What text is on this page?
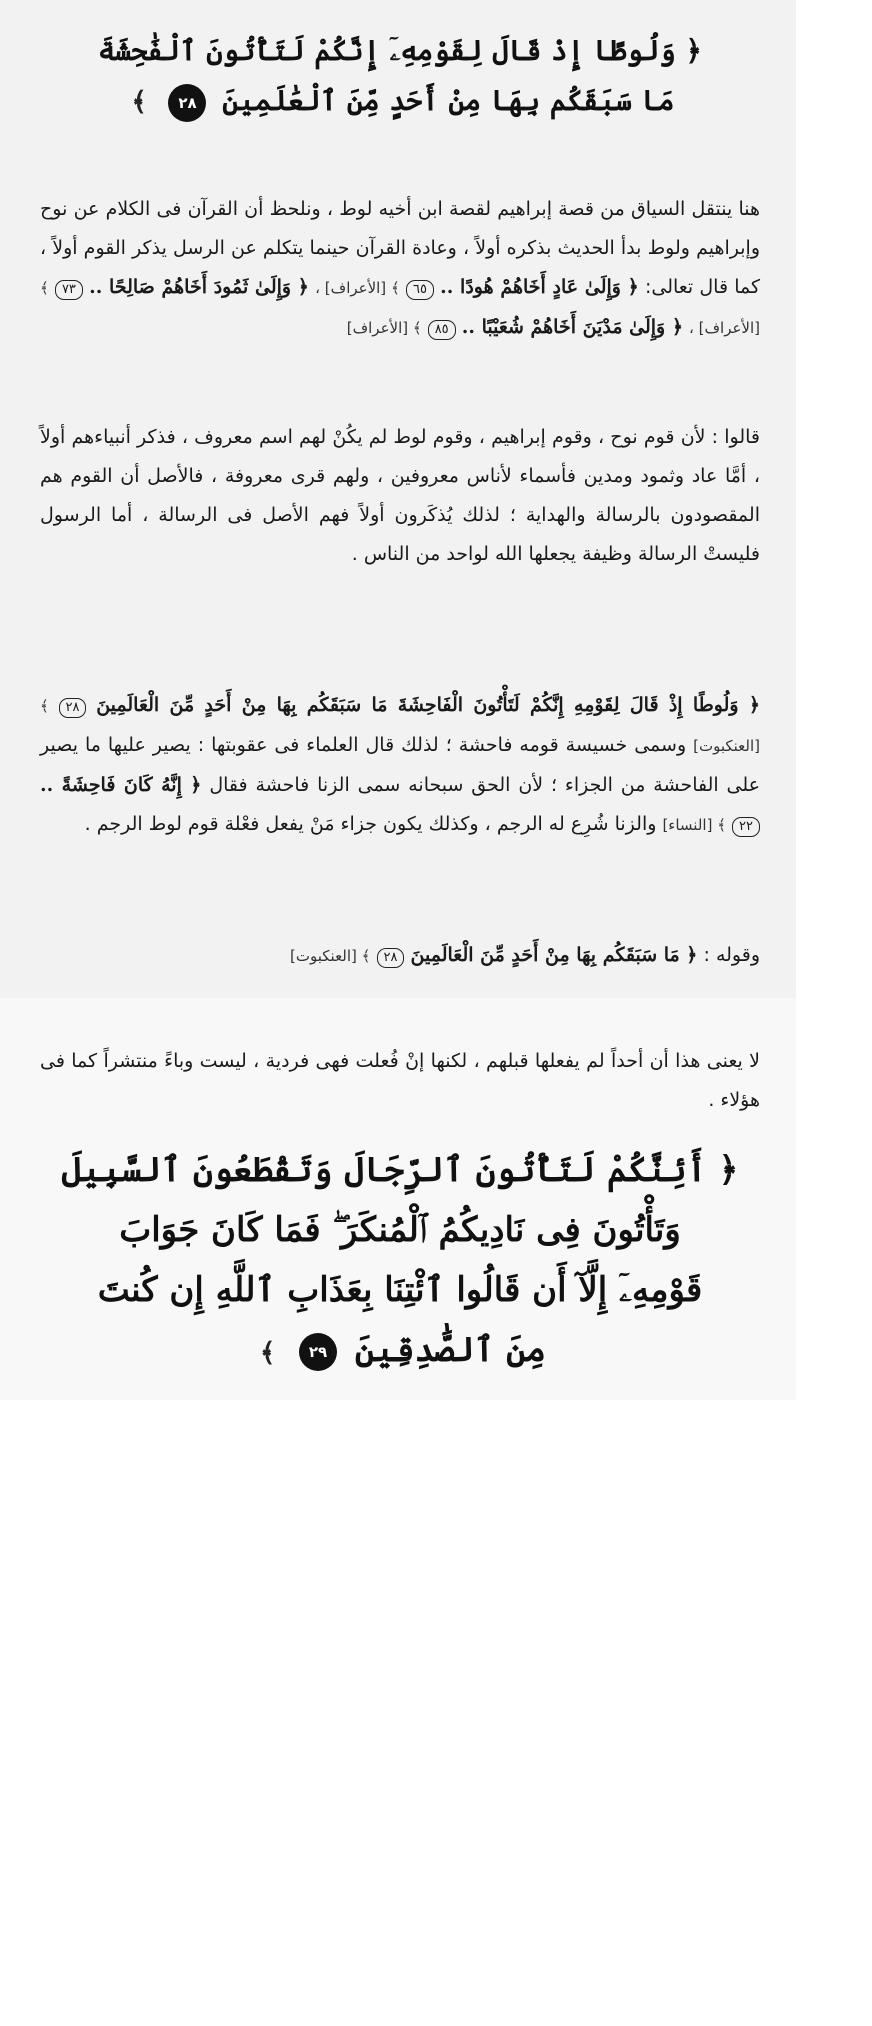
﴿ وَلُوطًا إِذْ قَالَ لِقَوْمِهِۦٓ إِنَّكُمْ لَتَأْتُونَ ٱلْفَٰحِشَةَ
مَا سَبَقَكُم بِهَا مِنْ أَحَدٍ مِّنَ ٱلْعَٰلَمِينَ ٢٨ ﴾
هنا ينتقل السياق من قصة إبراهيم لقصة ابن أخيه لوط ، ونلحظ أن القرآن فى الكلام عن نوح وإبراهيم ولوط بدأ الحديث بذكره أولاً ، وعادة القرآن حينما يتكلم عن الرسل يذكر القوم أولاً ، كما قال تعالى: ﴿ وَإِلَىٰ عَادٍ أَخَاهُمْ هُودًا .. ٦٥ ﴾ [الأعراف] ، ﴿ وَإِلَىٰ ثَمُودَ أَخَاهُمْ صَالِحًا .. ٧٣ ﴾ [الأعراف] ، ﴿ وَإِلَىٰ مَدْيَنَ أَخَاهُمْ شُعَيْبًا .. ٨٥ ﴾ [الأعراف]
قالوا : لأن قوم نوح ، وقوم إبراهيم ، وقوم لوط لم يكُنْ لهم اسم معروف ، فذكر أنبياءهم أولاً ، أمَّا عاد وثمود ومدين فأسماء لأناس معروفين ، ولهم قرى معروفة ، فالأصل أن القوم هم المقصودون بالرسالة والهداية ؛ لذلك يُذكَرون أولاً فهم الأصل فى الرسالة ، أما الرسول فليستْ الرسالة وظيفة يجعلها الله لواحد من الناس .
﴿ وَلُوطًا إِذْ قَالَ لِقَوْمِهِ إِنَّكُمْ لَتَأْتُونَ الْفَاحِشَةَ مَا سَبَقَكُم بِهَا مِنْ أَحَدٍ مِّنَ الْعَالَمِينَ ٢٨ ﴾ [العنكبوت] وسمى خسيسة قومه فاحشة ؛ لذلك قال العلماء فى عقوبتها : يصير عليها ما يصير على الفاحشة من الجزاء ؛ لأن الحق سبحانه سمى الزنا فاحشة فقال ﴿ إِنَّهُ كَانَ فَاحِشَةً .. ٢٢ ﴾ [النساء] والزنا شُرِع له الرجم ، وكذلك يكون جزاء مَنْ يفعل فعْلة قوم لوط الرجم .
وقوله : ﴿ مَا سَبَقَكُم بِهَا مِنْ أَحَدٍ مِّنَ الْعَالَمِينَ ٢٨ ﴾ [العنكبوت]
لا يعنى هذا أن أحداً لم يفعلها قبلهم ، لكنها إنْ فُعلت فهى فردية ، ليست وباءً منتشراً كما فى هؤلاء .
﴿ أَئِنَّكُمْ لَتَأْتُونَ ٱلرِّجَالَ وَتَقْطَعُونَ ٱلسَّبِيلَ
وَتَأْتُونَ فِى نَادِيكُمُ ٱلْمُنكَرَ ۖ فَمَا كَانَ جَوَابَ
قَوْمِهِۦٓ إِلَّآ أَن قَالُوا ٱئْتِنَا بِعَذَابِ ٱللَّهِ إِن كُنتَ
مِنَ ٱلصَّٰدِقِينَ ٢٩ ﴾
